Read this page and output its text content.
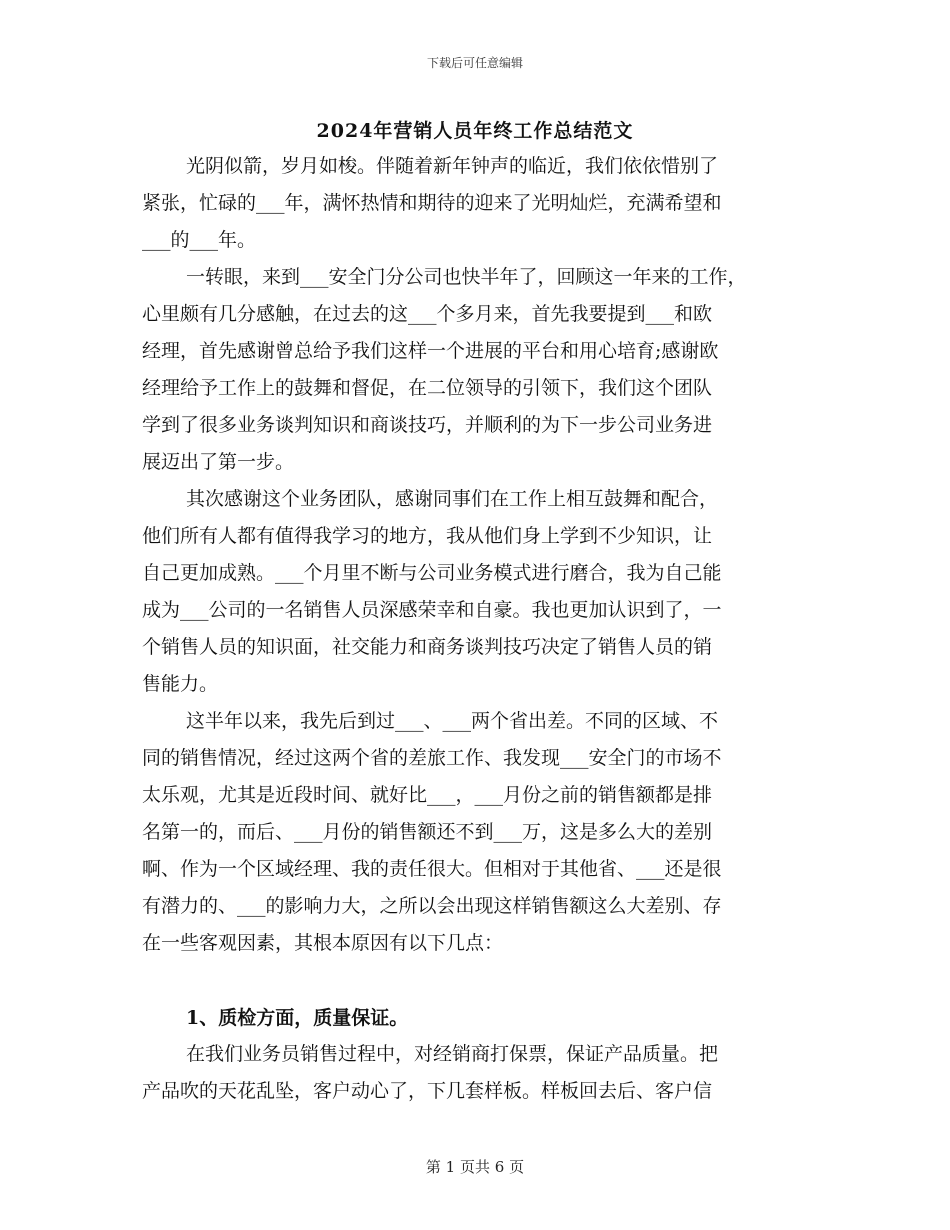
下载后可任意编辑
2024年营销人员年终工作总结范文
光阴似箭，岁月如梭。伴随着新年钟声的临近，我们依依惜别了
紧张，忙碌的___年，满怀热情和期待的迎来了光明灿烂，充满希望和
___的___年。
一转眼，来到___安全门分公司也快半年了，回顾这一年来的工作，
心里颇有几分感触，在过去的这___个多月来，首先我要提到___和欧
经理，首先感谢曾总给予我们这样一个进展的平台和用心培育;感谢欧
经理给予工作上的鼓舞和督促，在二位领导的引领下，我们这个团队
学到了很多业务谈判知识和商谈技巧，并顺利的为下一步公司业务进
展迈出了第一步。
其次感谢这个业务团队，感谢同事们在工作上相互鼓舞和配合，
他们所有人都有值得我学习的地方，我从他们身上学到不少知识，让
自己更加成熟。___个月里不断与公司业务模式进行磨合，我为自己能
成为___公司的一名销售人员深感荣幸和自豪。我也更加认识到了，一
个销售人员的知识面，社交能力和商务谈判技巧决定了销售人员的销
售能力。
这半年以来，我先后到过___、___两个省出差。不同的区域、不
同的销售情况，经过这两个省的差旅工作、我发现___安全门的市场不
太乐观，尤其是近段时间、就好比___，___月份之前的销售额都是排
名第一的，而后、___月份的销售额还不到___万，这是多么大的差别
啊、作为一个区域经理、我的责任很大。但相对于其他省、___还是很
有潜力的、___的影响力大，之所以会出现这样销售额这么大差别、存
在一些客观因素，其根本原因有以下几点：
1、质检方面，质量保证。
在我们业务员销售过程中，对经销商打保票，保证产品质量。把
产品吹的天花乱坠，客户动心了，下几套样板。样板回去后、客户信
第 1 页共 6 页
